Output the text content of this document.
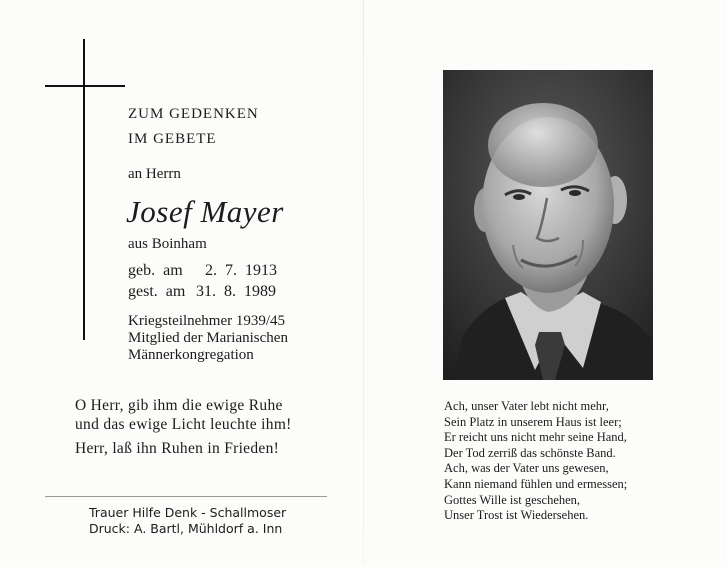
ZUM GEDENKEN
IM GEBETE
an Herrn
Josef Mayer
aus Boinham
geb. am 2. 7. 1913
gest. am 31. 8. 1989
Kriegsteilnehmer 1939/45
Mitglied der Marianischen
Männerkongregation
O Herr, gib ihm die ewige Ruhe
und das ewige Licht leuchte ihm!
Herr, laß ihn Ruhen in Frieden!
Trauer Hilfe Denk - Schallmoser
Druck: A. Bartl, Mühldorf a. Inn
Ach, unser Vater lebt nicht mehr,
Sein Platz in unserem Haus ist leer;
Er reicht uns nicht mehr seine Hand,
Der Tod zerriß das schönste Band.
Ach, was der Vater uns gewesen,
Kann niemand fühlen und ermessen;
Gottes Wille ist geschehen,
Unser Trost ist Wiedersehen.
